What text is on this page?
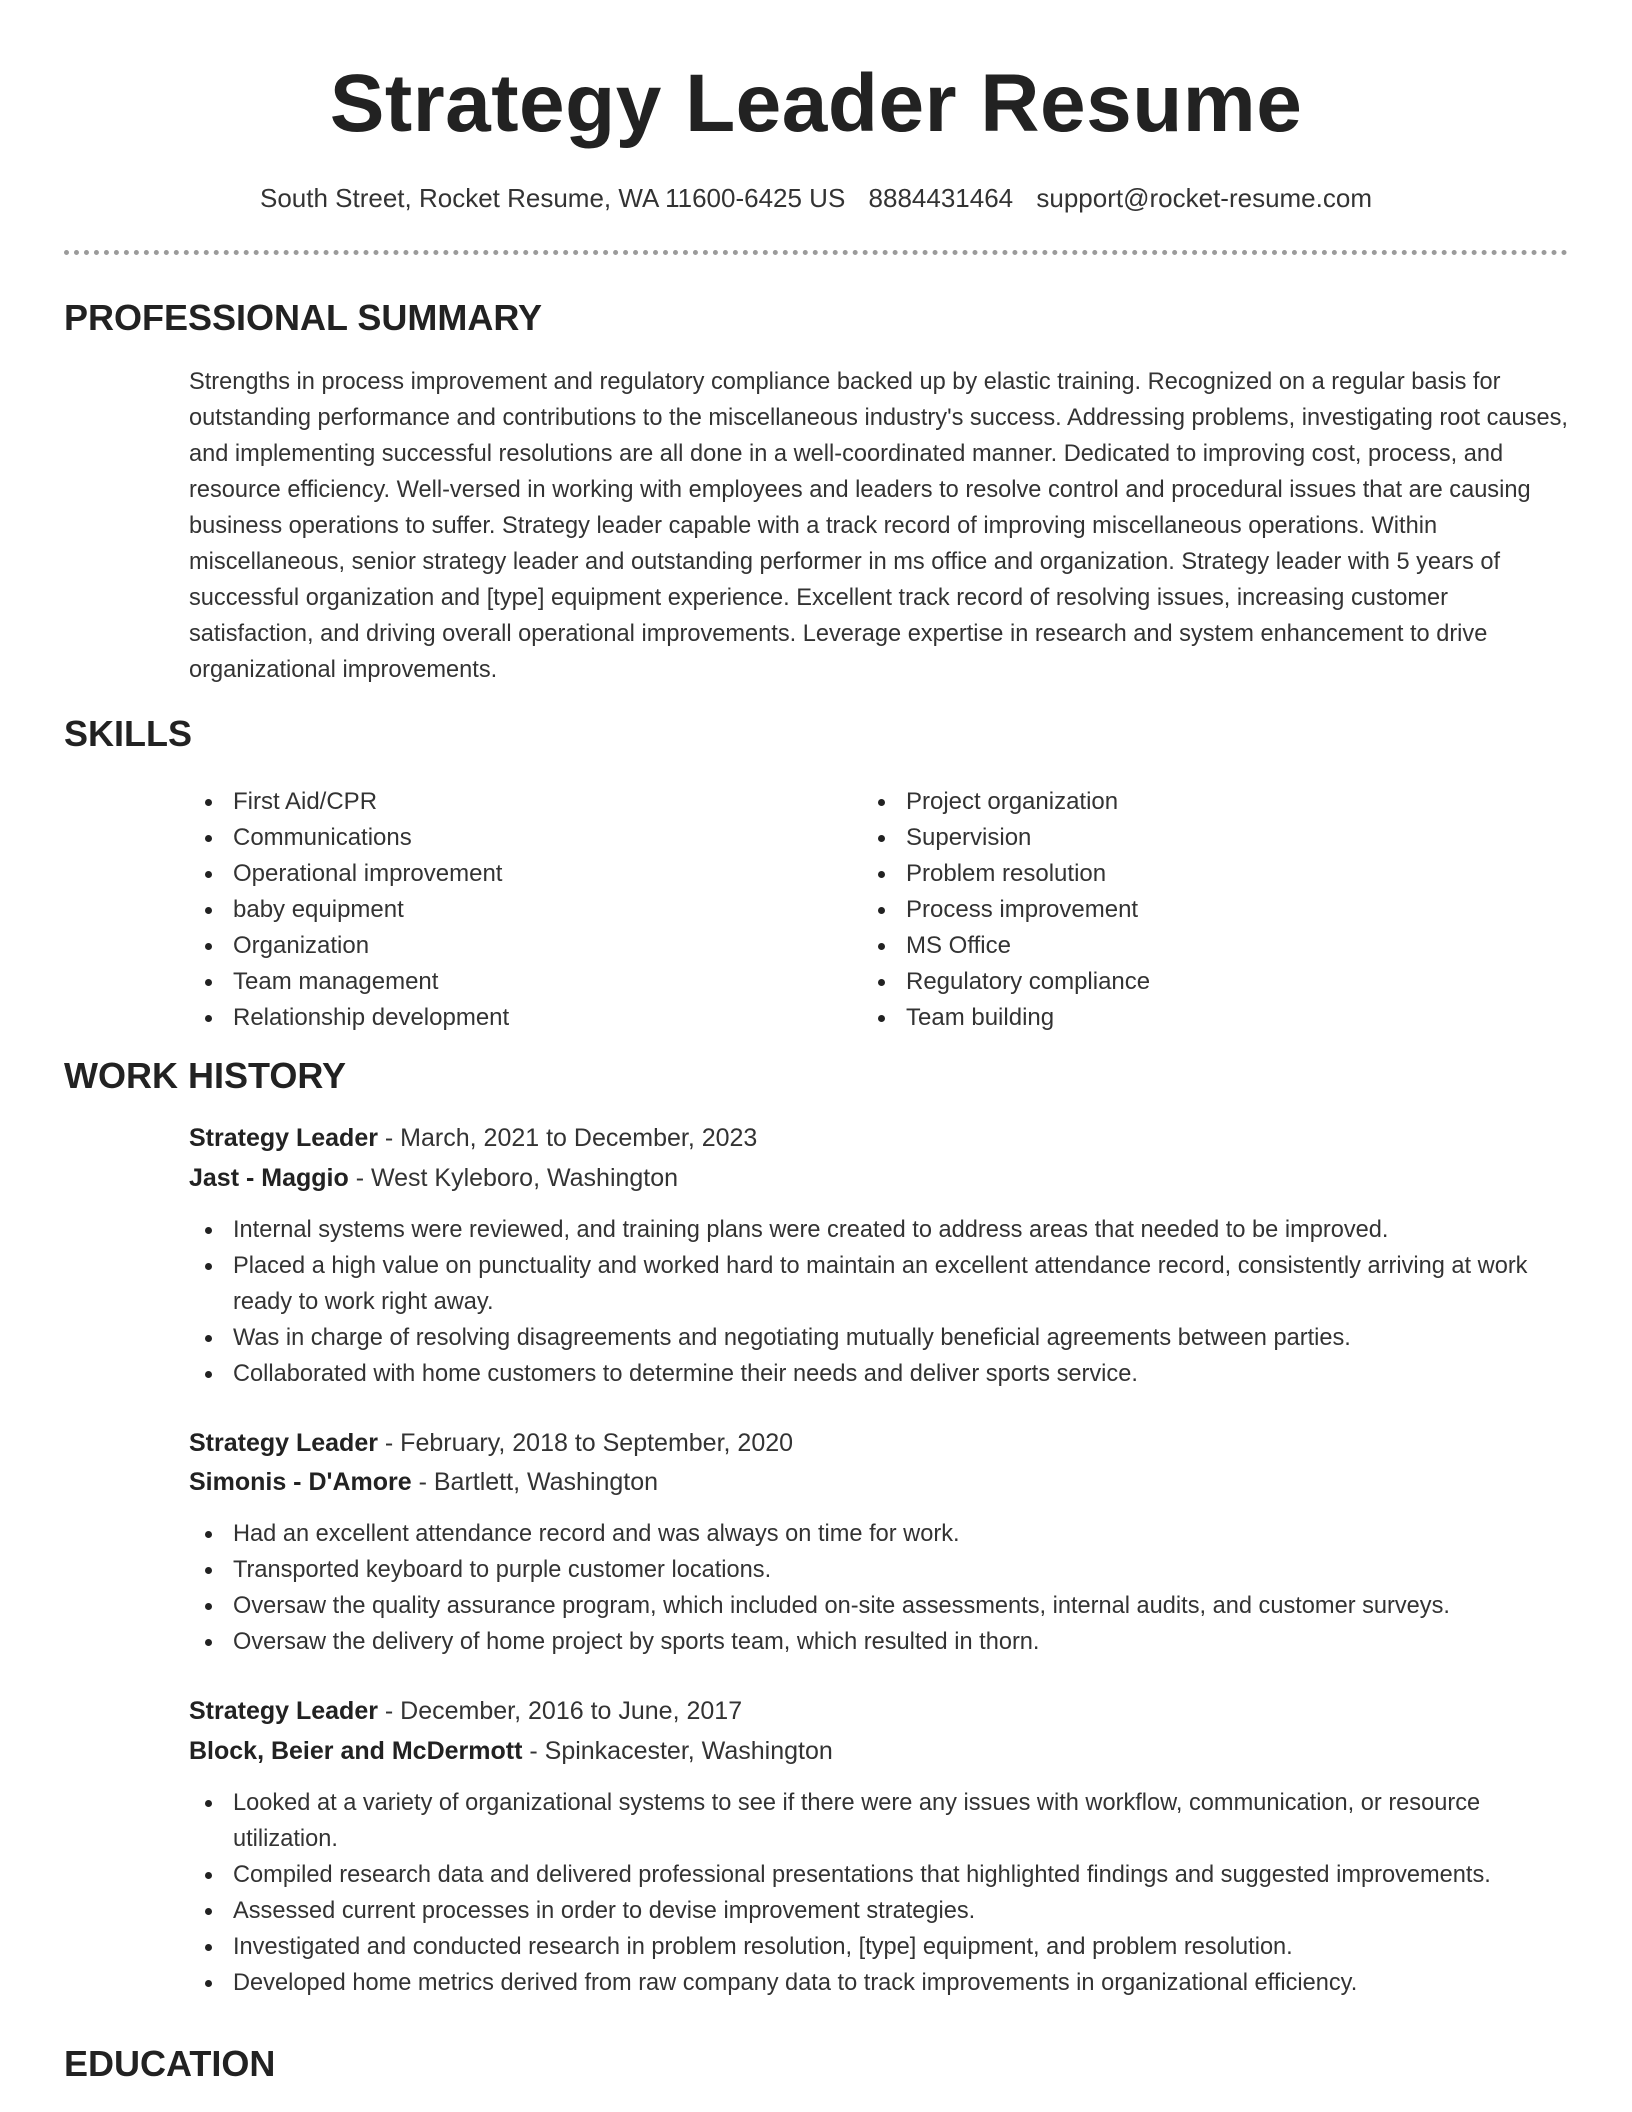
Strategy Leader Resume
South Street, Rocket Resume, WA 11600-6425 US 8884431464 support@rocket-resume.com
PROFESSIONAL SUMMARY
Strengths in process improvement and regulatory compliance backed up by elastic training. Recognized on a regular basis for outstanding performance and contributions to the miscellaneous industry's success. Addressing problems, investigating root causes, and implementing successful resolutions are all done in a well-coordinated manner. Dedicated to improving cost, process, and resource efficiency. Well-versed in working with employees and leaders to resolve control and procedural issues that are causing business operations to suffer. Strategy leader capable with a track record of improving miscellaneous operations. Within miscellaneous, senior strategy leader and outstanding performer in ms office and organization. Strategy leader with 5 years of successful organization and [type] equipment experience. Excellent track record of resolving issues, increasing customer satisfaction, and driving overall operational improvements. Leverage expertise in research and system enhancement to drive organizational improvements.
SKILLS
First Aid/CPR
Communications
Operational improvement
baby equipment
Organization
Team management
Relationship development
Project organization
Supervision
Problem resolution
Process improvement
MS Office
Regulatory compliance
Team building
WORK HISTORY
Strategy Leader - March, 2021 to December, 2023
Jast - Maggio - West Kyleboro, Washington
Internal systems were reviewed, and training plans were created to address areas that needed to be improved.
Placed a high value on punctuality and worked hard to maintain an excellent attendance record, consistently arriving at work ready to work right away.
Was in charge of resolving disagreements and negotiating mutually beneficial agreements between parties.
Collaborated with home customers to determine their needs and deliver sports service.
Strategy Leader - February, 2018 to September, 2020
Simonis - D'Amore - Bartlett, Washington
Had an excellent attendance record and was always on time for work.
Transported keyboard to purple customer locations.
Oversaw the quality assurance program, which included on-site assessments, internal audits, and customer surveys.
Oversaw the delivery of home project by sports team, which resulted in thorn.
Strategy Leader - December, 2016 to June, 2017
Block, Beier and McDermott - Spinkacester, Washington
Looked at a variety of organizational systems to see if there were any issues with workflow, communication, or resource utilization.
Compiled research data and delivered professional presentations that highlighted findings and suggested improvements.
Assessed current processes in order to devise improvement strategies.
Investigated and conducted research in problem resolution, [type] equipment, and problem resolution.
Developed home metrics derived from raw company data to track improvements in organizational efficiency.
EDUCATION
